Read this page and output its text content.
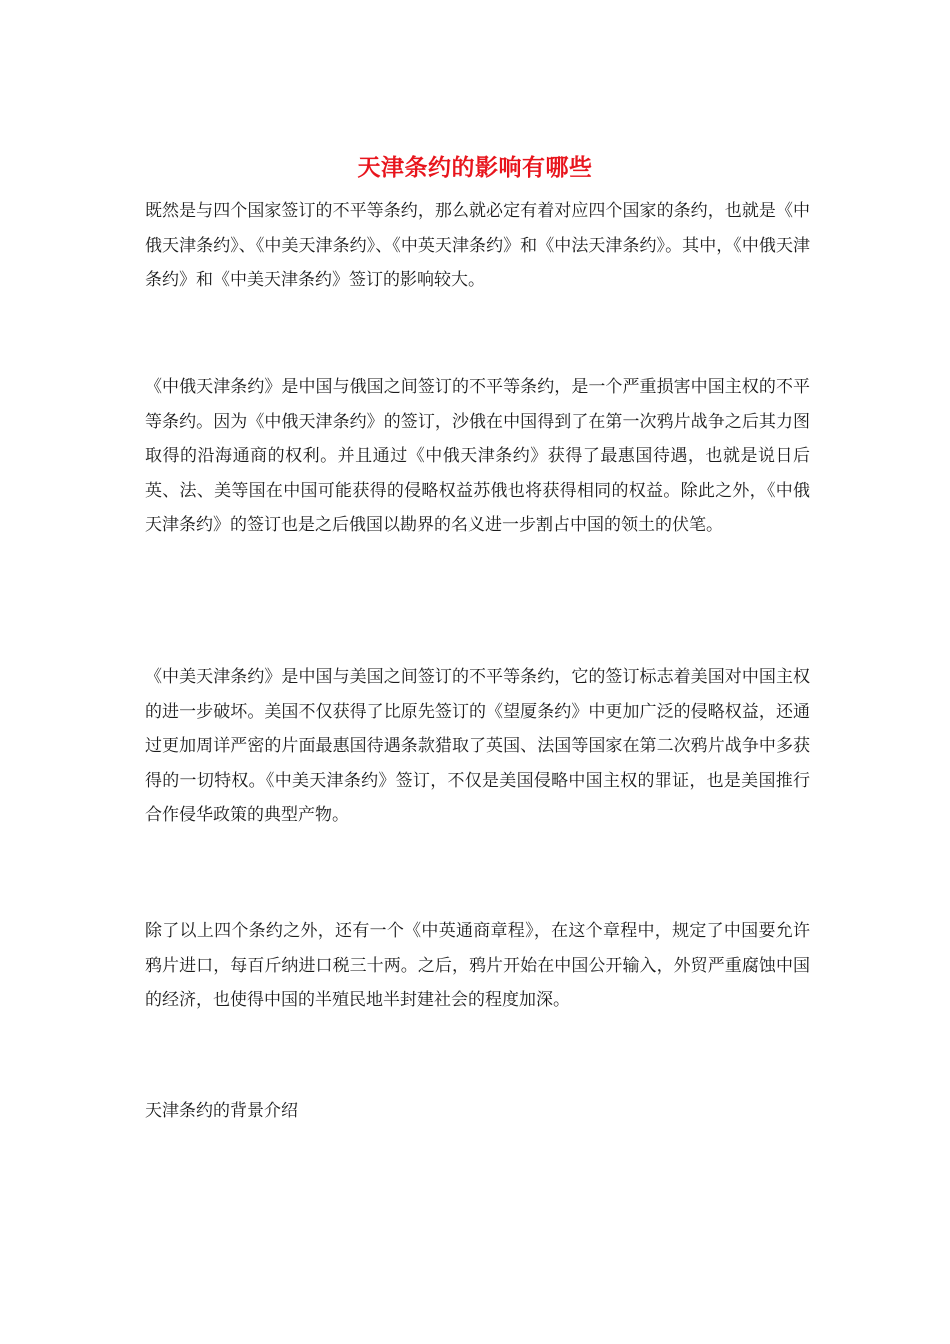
天津条约的影响有哪些

既然是与四个国家签订的不平等条约，那么就必定有着对应四个国家的条约，也就是《中俄天津条约》、《中美天津条约》、《中英天津条约》和《中法天津条约》。其中，《中俄天津条约》和《中美天津条约》签订的影响较大。

《中俄天津条约》是中国与俄国之间签订的不平等条约，是一个严重损害中国主权的不平等条约。因为《中俄天津条约》的签订，沙俄在中国得到了在第一次鸦片战争之后其力图取得的沿海通商的权利。并且通过《中俄天津条约》获得了最惠国待遇，也就是说日后英、法、美等国在中国可能获得的侵略权益苏俄也将获得相同的权益。除此之外，《中俄天津条约》的签订也是之后俄国以勘界的名义进一步割占中国的领土的伏笔。

《中美天津条约》是中国与美国之间签订的不平等条约，它的签订标志着美国对中国主权的进一步破坏。美国不仅获得了比原先签订的《望厦条约》中更加广泛的侵略权益，还通过更加周详严密的片面最惠国待遇条款猎取了英国、法国等国家在第二次鸦片战争中多获得的一切特权。《中美天津条约》签订，不仅是美国侵略中国主权的罪证，也是美国推行合作侵华政策的典型产物。

除了以上四个条约之外，还有一个《中英通商章程》，在这个章程中，规定了中国要允许鸦片进口，每百斤纳进口税三十两。之后，鸦片开始在中国公开输入，外贸严重腐蚀中国的经济，也使得中国的半殖民地半封建社会的程度加深。

天津条约的背景介绍
